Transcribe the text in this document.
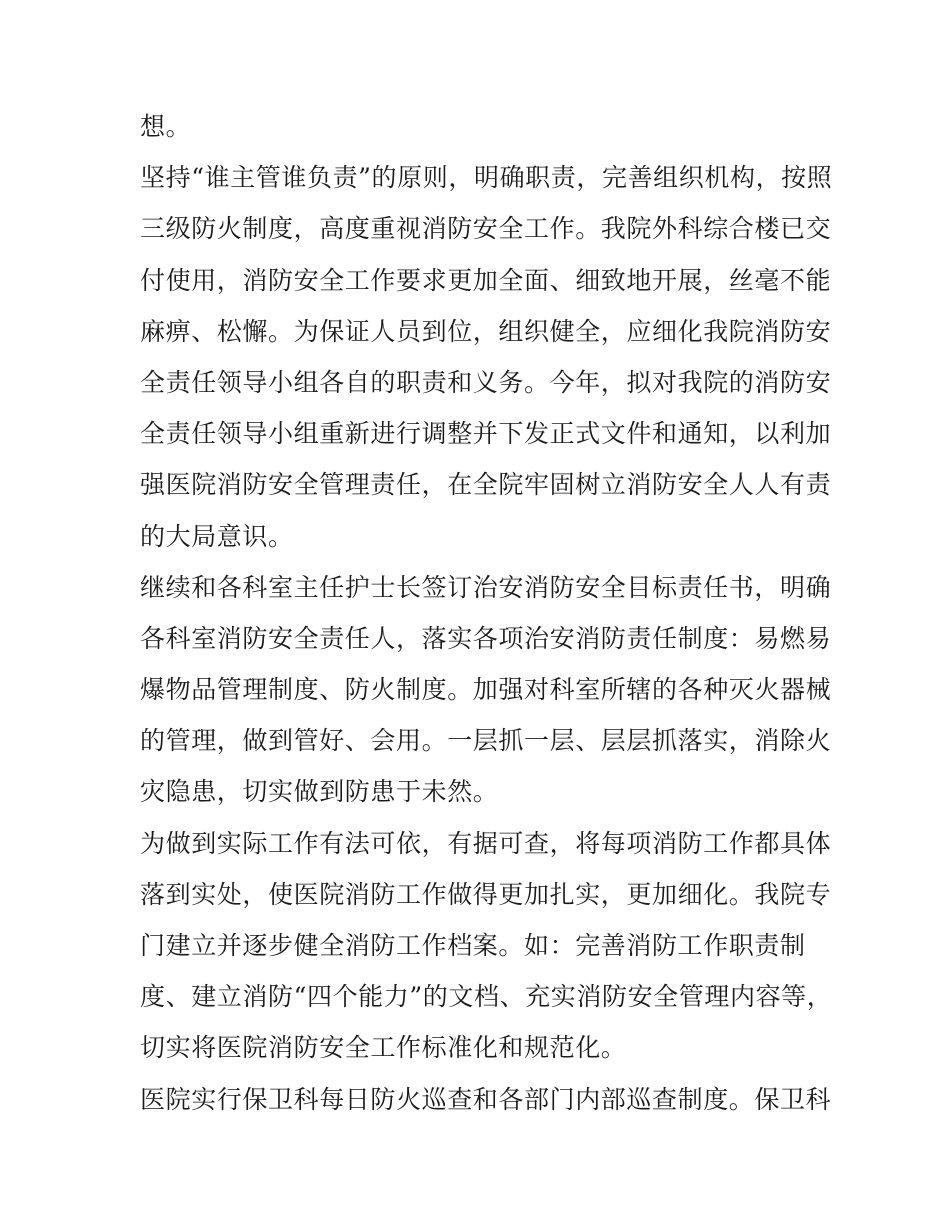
想。
坚持“谁主管谁负责”的原则，明确职责，完善组织机构，按照
三级防火制度，高度重视消防安全工作。我院外科综合楼已交
付使用，消防安全工作要求更加全面、细致地开展，丝毫不能
麻痹、松懈。为保证人员到位，组织健全，应细化我院消防安
全责任领导小组各自的职责和义务。今年，拟对我院的消防安
全责任领导小组重新进行调整并下发正式文件和通知，以利加
强医院消防安全管理责任，在全院牢固树立消防安全人人有责
的大局意识。
继续和各科室主任护士长签订治安消防安全目标责任书，明确
各科室消防安全责任人，落实各项治安消防责任制度：易燃易
爆物品管理制度、防火制度。加强对科室所辖的各种灭火器械
的管理，做到管好、会用。一层抓一层、层层抓落实，消除火
灾隐患，切实做到防患于未然。
为做到实际工作有法可依，有据可查，将每项消防工作都具体
落到实处，使医院消防工作做得更加扎实，更加细化。我院专
门建立并逐步健全消防工作档案。如：完善消防工作职责制
度、建立消防“四个能力”的文档、充实消防安全管理内容等，
切实将医院消防安全工作标准化和规范化。
医院实行保卫科每日防火巡查和各部门内部巡查制度。保卫科
